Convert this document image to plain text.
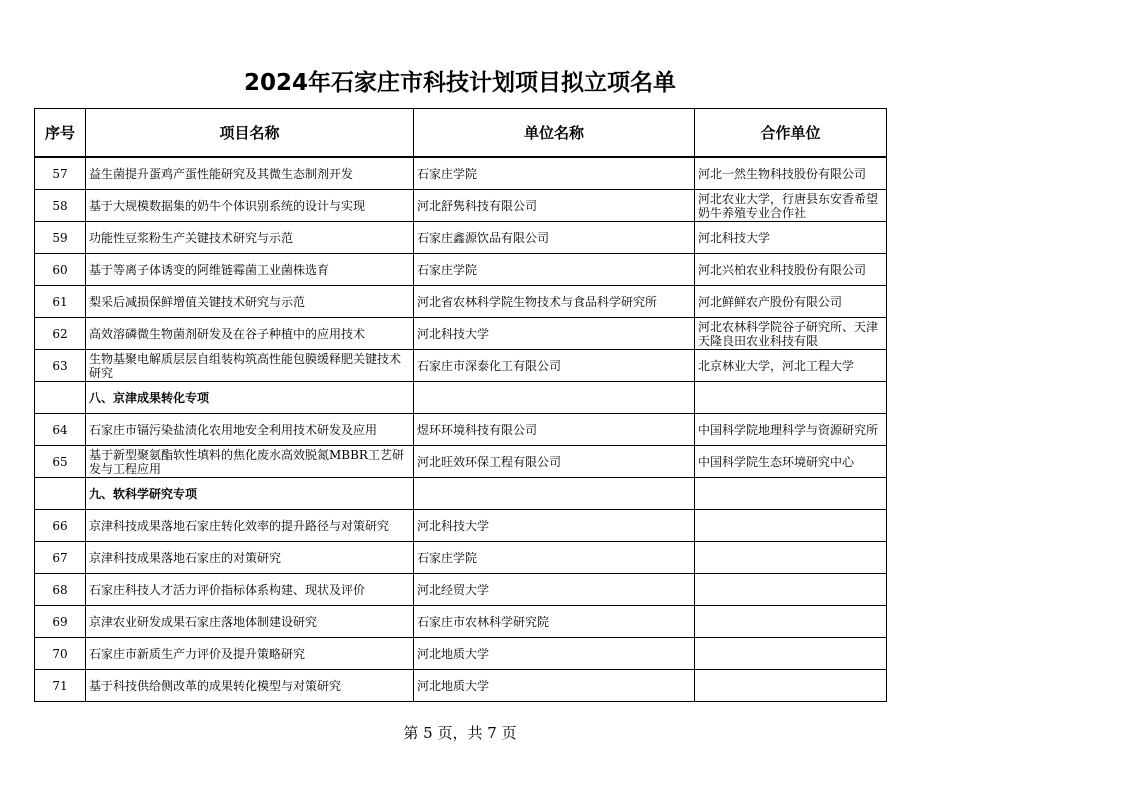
2024年石家庄市科技计划项目拟立项名单
序号	项目名称	单位名称	合作单位

57	益生菌提升蛋鸡产蛋性能研究及其微生态制剂开发	石家庄学院	河北一然生物科技股份有限公司

58	基于大规模数据集的奶牛个体识别系统的设计与实现	河北舒隽科技有限公司	河北农业大学，行唐县东安香希望奶牛养殖专业合作社

59	功能性豆浆粉生产关键技术研究与示范	石家庄鑫源饮品有限公司	河北科技大学

60	基于等离子体诱变的阿维链霉菌工业菌株选育	石家庄学院	河北兴柏农业科技股份有限公司

61	梨采后减损保鲜增值关键技术研究与示范	河北省农林科学院生物技术与食品科学研究所	河北鲜鲜农产股份有限公司

62	高效溶磷微生物菌剂研发及在谷子种植中的应用技术	河北科技大学	河北农林科学院谷子研究所、天津天隆良田农业科技有限

63	生物基聚电解质层层自组装构筑高性能包膜缓释肥关键技术研究	石家庄市深泰化工有限公司	北京林业大学，河北工程大学

	八、京津成果转化专项		

64	石家庄市镉污染盐渍化农用地安全利用技术研发及应用	煜环环境科技有限公司	中国科学院地理科学与资源研究所

65	基于新型聚氨酯软性填料的焦化废水高效脱氮MBBR工艺研发与工程应用	河北旺效环保工程有限公司	中国科学院生态环境研究中心

	九、软科学研究专项		

66	京津科技成果落地石家庄转化效率的提升路径与对策研究	河北科技大学	

67	京津科技成果落地石家庄的对策研究	石家庄学院	

68	石家庄科技人才活力评价指标体系构建、现状及评价	河北经贸大学	

69	京津农业研发成果石家庄落地体制建设研究	石家庄市农林科学研究院	

70	石家庄市新质生产力评价及提升策略研究	河北地质大学	

71	基于科技供给侧改革的成果转化模型与对策研究	河北地质大学	

第 5 页，共 7 页
